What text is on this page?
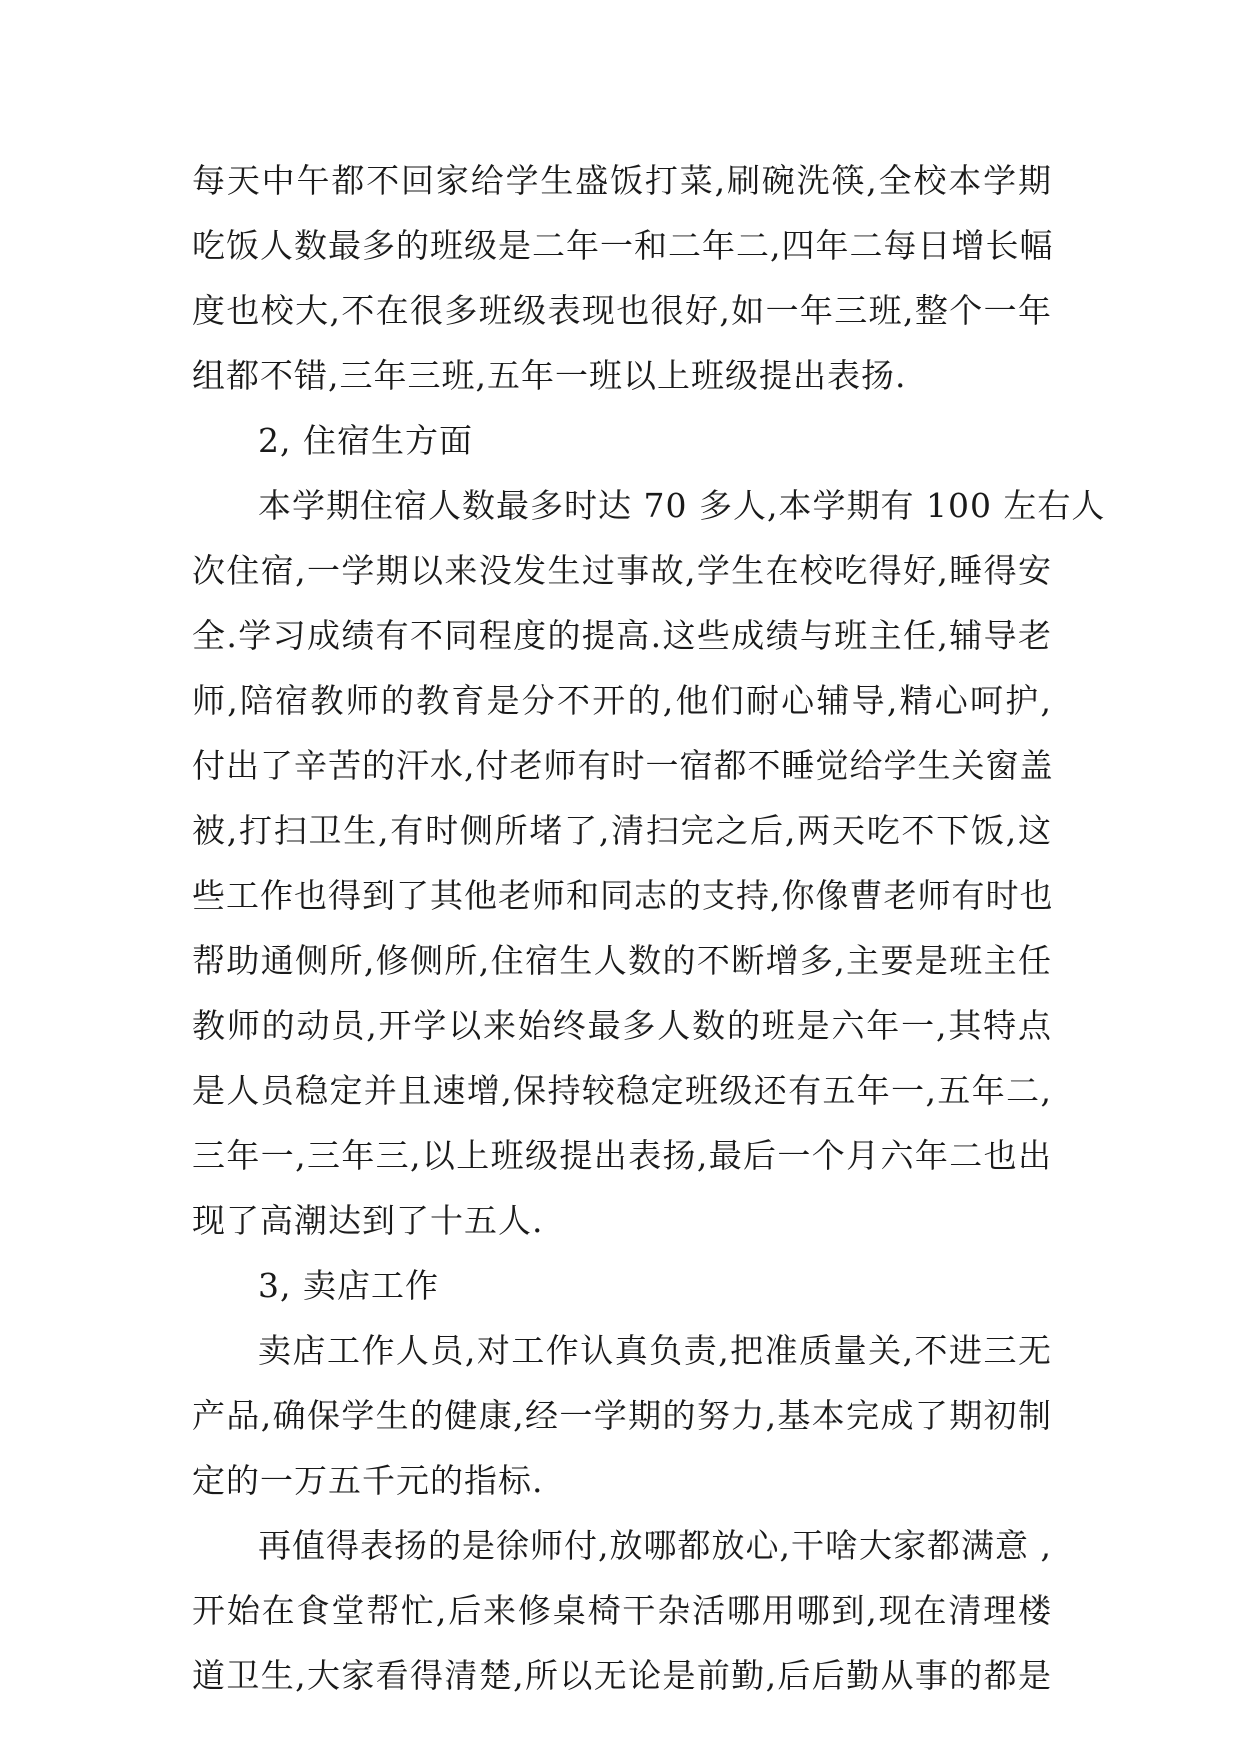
每天中午都不回家给学生盛饭打菜,刷碗洗筷,全校本学期
吃饭人数最多的班级是二年一和二年二,四年二每日增长幅
度也校大,不在很多班级表现也很好,如一年三班,整个一年
组都不错,三年三班,五年一班以上班级提出表扬.
2, 住宿生方面
本学期住宿人数最多时达 70 多人,本学期有 100 左右人
次住宿,一学期以来没发生过事故,学生在校吃得好,睡得安
全.学习成绩有不同程度的提高.这些成绩与班主任,辅导老
师,陪宿教师的教育是分不开的,他们耐心辅导,精心呵护,
付出了辛苦的汗水,付老师有时一宿都不睡觉给学生关窗盖
被,打扫卫生,有时侧所堵了,清扫完之后,两天吃不下饭,这
些工作也得到了其他老师和同志的支持,你像曹老师有时也
帮助通侧所,修侧所,住宿生人数的不断增多,主要是班主任
教师的动员,开学以来始终最多人数的班是六年一,其特点
是人员稳定并且速增,保持较稳定班级还有五年一,五年二,
三年一,三年三,以上班级提出表扬,最后一个月六年二也出
现了高潮达到了十五人.
3, 卖店工作
卖店工作人员,对工作认真负责,把准质量关,不进三无
产品,确保学生的健康,经一学期的努力,基本完成了期初制
定的一万五千元的指标.
再值得表扬的是徐师付,放哪都放心,干啥大家都满意 ,
开始在食堂帮忙,后来修桌椅干杂活哪用哪到,现在清理楼
道卫生,大家看得清楚,所以无论是前勤,后后勤从事的都是
